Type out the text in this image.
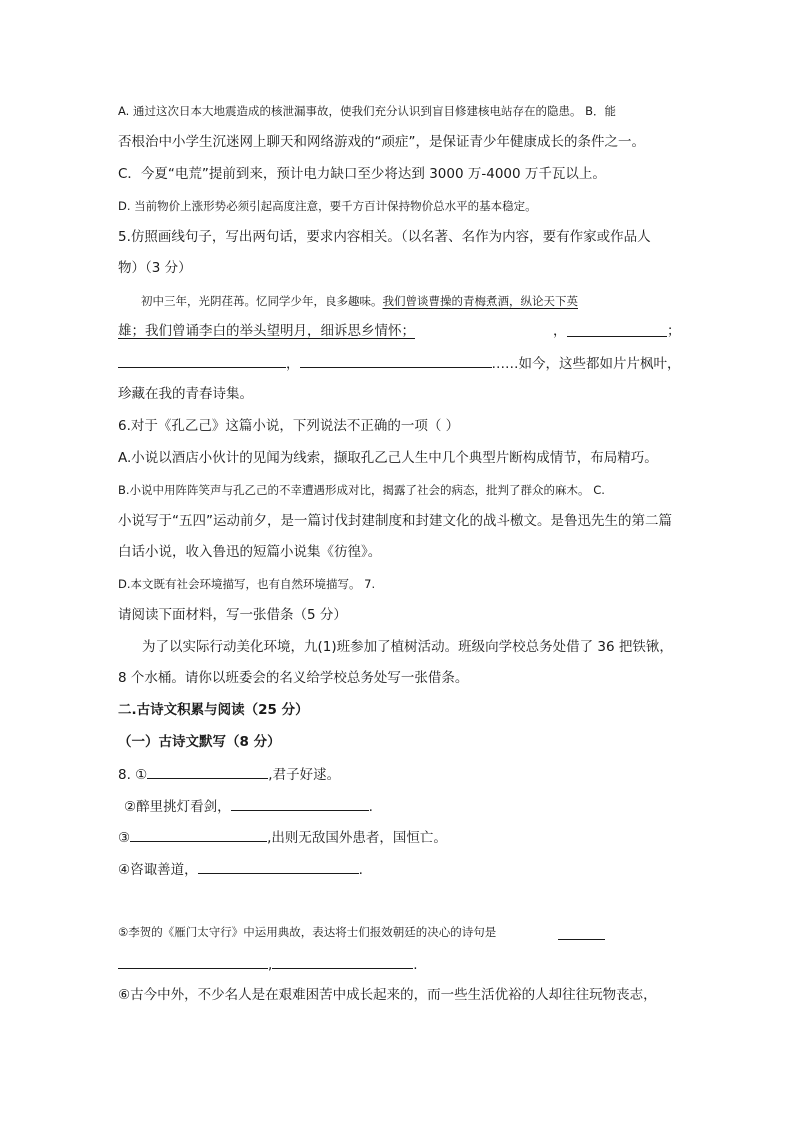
A. 通过这次日本大地震造成的核泄漏事故，使我们充分认识到盲目修建核电站存在的隐患。 B．能
否根治中小学生沉迷网上聊天和网络游戏的“顽症”，是保证青少年健康成长的条件之一。
C．今夏“电荒”提前到来，预计电力缺口至少将达到 3000 万-4000 万千瓦以上。
D. 当前物价上涨形势必须引起高度注意，要千方百计保持物价总水平的基本稳定。
5.仿照画线句子，写出两句话，要求内容相关。（以名著、名作为内容，要有作家或作品人
物）（3 分）
初中三年，光阴荏苒。忆同学少年，良多趣味。我们曾谈曹操的青梅煮酒，纵论天下英
雄；我们曾诵李白的举头望明月，细诉思乡情怀；	，	；
，	……如今，这些都如片片枫叶，
珍藏在我的青春诗集。
6.对于《孔乙己》这篇小说，下列说法不正确的一项（ ）
A.小说以酒店小伙计的见闻为线索，撷取孔乙己人生中几个典型片断构成情节，布局精巧。
B.小说中用阵阵笑声与孔乙己的不幸遭遇形成对比，揭露了社会的病态，批判了群众的麻木。 C.
小说写于“五四”运动前夕，是一篇讨伐封建制度和封建文化的战斗檄文。是鲁迅先生的第二篇
白话小说，收入鲁迅的短篇小说集《彷徨》。
D.本文既有社会环境描写，也有自然环境描写。 7.
请阅读下面材料，写一张借条（5 分）
为了以实际行动美化环境，九(1)班参加了植树活动。班级向学校总务处借了 36 把铁锹，
8 个水桶。请你以班委会的名义给学校总务处写一张借条。
二.古诗文积累与阅读（25 分）
（一）古诗文默写（8 分）
8. ①	,君子好逑。
②醉里挑灯看剑，	.
③	,出则无敌国外患者，国恒亡。
④咨诹善道，	.
⑤李贺的《雁门太守行》中运用典故，表达将士们报效朝廷的决心的诗句是
,	.
⑥古今中外，不少名人是在艰难困苦中成长起来的，而一些生活优裕的人却往往玩物丧志，
